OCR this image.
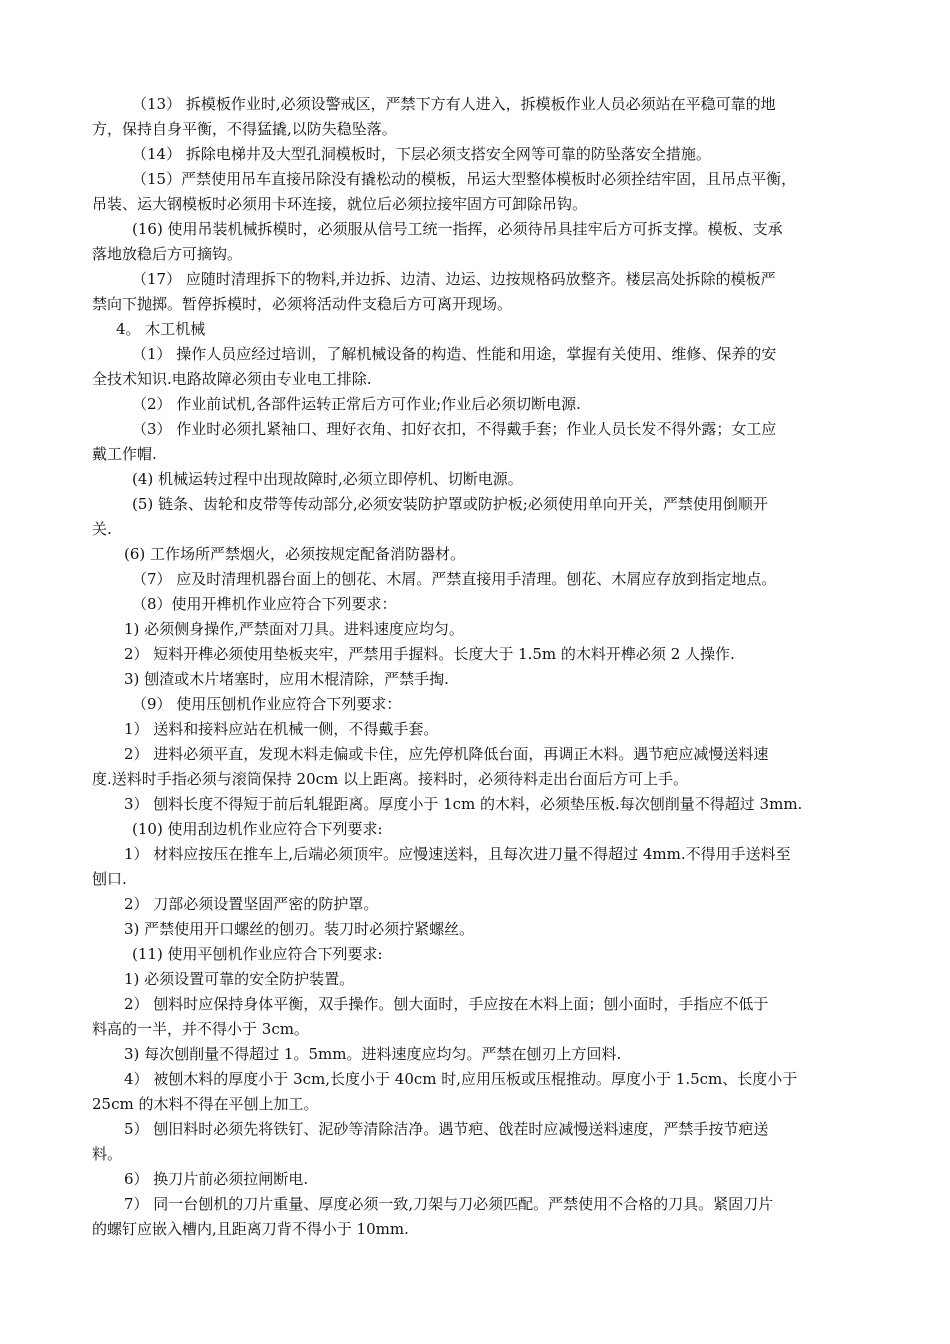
（13） 拆模板作业时,必须设警戒区，严禁下方有人进入，拆模板作业人员必须站在平稳可靠的地
方，保持自身平衡，不得猛撬,以防失稳坠落。
（14） 拆除电梯井及大型孔洞模板时，下层必须支搭安全网等可靠的防坠落安全措施。
（15）严禁使用吊车直接吊除没有撬松动的模板，吊运大型整体模板时必须拴结牢固，且吊点平衡，
吊装、运大钢模板时必须用卡环连接，就位后必须拉接牢固方可卸除吊钩。
(16) 使用吊装机械拆模时，必须服从信号工统一指挥，必须待吊具挂牢后方可拆支撑。模板、支承
落地放稳后方可摘钩。
（17） 应随时清理拆下的物料,并边拆、边清、边运、边按规格码放整齐。楼层高处拆除的模板严
禁向下抛掷。暂停拆模时，必须将活动件支稳后方可离开现场。
4。 木工机械
（1） 操作人员应经过培训，了解机械设备的构造、性能和用途，掌握有关使用、维修、保养的安
全技术知识.电路故障必须由专业电工排除.
（2） 作业前试机,各部件运转正常后方可作业;作业后必须切断电源.
（3） 作业时必须扎紧袖口、理好衣角、扣好衣扣，不得戴手套；作业人员长发不得外露；女工应
戴工作帽.
(4) 机械运转过程中出现故障时,必须立即停机、切断电源。
(5) 链条、齿轮和皮带等传动部分,必须安装防护罩或防护板;必须使用单向开关，严禁使用倒顺开
关.
(6) 工作场所严禁烟火，必须按规定配备消防器材。
（7） 应及时清理机器台面上的刨花、木屑。严禁直接用手清理。刨花、木屑应存放到指定地点。
（8）使用开榫机作业应符合下列要求：
1) 必须侧身操作,严禁面对刀具。进料速度应均匀。
2） 短料开榫必须使用垫板夹牢，严禁用手握料。长度大于 1.5m 的木料开榫必须 2 人操作.
3) 刨渣或木片堵塞时，应用木棍清除，严禁手掏.
（9） 使用压刨机作业应符合下列要求：
1） 送料和接料应站在机械一侧，不得戴手套。
2） 进料必须平直，发现木料走偏或卡住，应先停机降低台面，再调正木料。遇节疤应减慢送料速
度.送料时手指必须与滚筒保持 20cm 以上距离。接料时，必须待料走出台面后方可上手。
3） 刨料长度不得短于前后轧辊距离。厚度小于 1cm 的木料，必须垫压板.每次刨削量不得超过 3mm.
(10) 使用刮边机作业应符合下列要求:
1） 材料应按压在推车上,后端必须顶牢。应慢速送料，且每次进刀量不得超过 4mm.不得用手送料至
刨口.
2） 刀部必须设置坚固严密的防护罩。
3) 严禁使用开口螺丝的刨刃。装刀时必须拧紧螺丝。
(11) 使用平刨机作业应符合下列要求:
1) 必须设置可靠的安全防护装置。
2） 刨料时应保持身体平衡，双手操作。刨大面时，手应按在木料上面；刨小面时，手指应不低于
料高的一半，并不得小于 3cm。
3) 每次刨削量不得超过 1。5mm。进料速度应均匀。严禁在刨刃上方回料.
4） 被刨木料的厚度小于 3cm,长度小于 40cm 时,应用压板或压棍推动。厚度小于 1.5cm、长度小于
25cm 的木料不得在平刨上加工。
5） 刨旧料时必须先将铁钉、泥砂等清除洁净。遇节疤、戗茬时应减慢送料速度，严禁手按节疤送
料。
6） 换刀片前必须拉闸断电.
7） 同一台刨机的刀片重量、厚度必须一致,刀架与刀必须匹配。严禁使用不合格的刀具。紧固刀片
的螺钉应嵌入槽内,且距离刀背不得小于 10mm.
